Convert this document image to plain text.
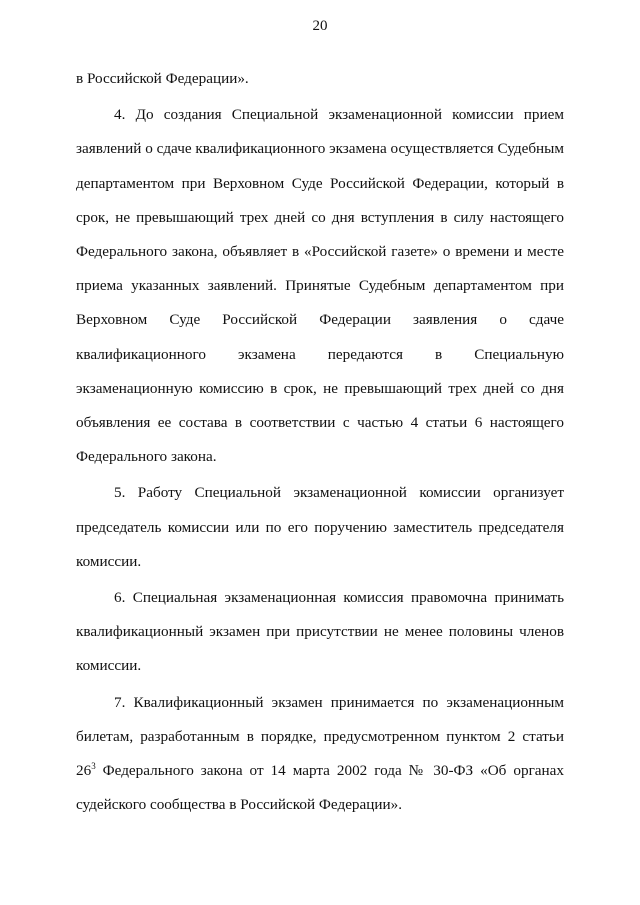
20

в Российской Федерации».

4. До создания Специальной экзаменационной комиссии прием заявлений о сдаче квалификационного экзамена осуществляется Судебным департаментом при Верховном Суде Российской Федерации, который в срок, не превышающий трех дней со дня вступления в силу настоящего Федерального закона, объявляет в «Российской газете» о времени и месте приема указанных заявлений. Принятые Судебным департаментом при Верховном Суде Российской Федерации заявления о сдаче квалификационного экзамена передаются в Специальную экзаменационную комиссию в срок, не превышающий трех дней со дня объявления ее состава в соответствии с частью 4 статьи 6 настоящего Федерального закона.

5. Работу Специальной экзаменационной комиссии организует председатель комиссии или по его поручению заместитель председателя комиссии.

6. Специальная экзаменационная комиссия правомочна принимать квалификационный экзамен при присутствии не менее половины членов комиссии.

7. Квалификационный экзамен принимается по экзаменационным билетам, разработанным в порядке, предусмотренном пунктом 2 статьи $26^3$ Федерального закона от 14 марта 2002 года № 30-ФЗ «Об органах судейского сообщества в Российской Федерации».
